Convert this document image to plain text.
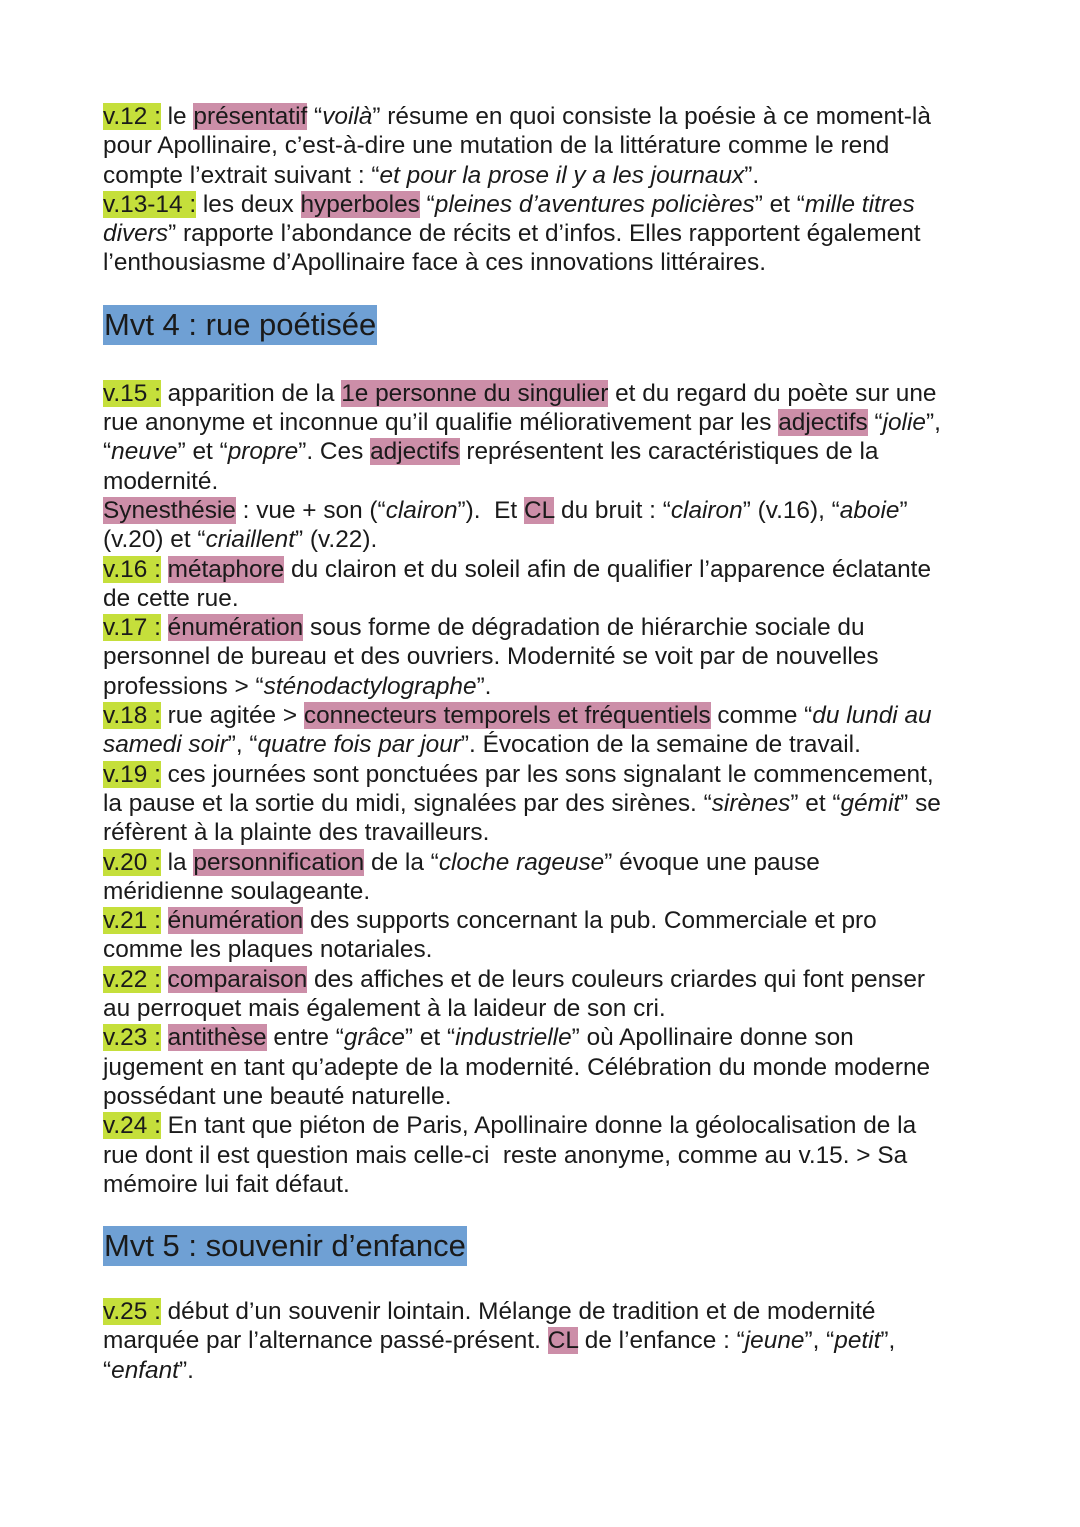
v.12 : le présentatif “voilà” résume en quoi consiste la poésie à ce moment-là
pour Apollinaire, c’est-à-dire une mutation de la littérature comme le rend
compte l’extrait suivant : “et pour la prose il y a les journaux”.
v.13-14 : les deux hyperboles “pleines d’aventures policières” et “mille titres
divers” rapporte l’abondance de récits et d’infos. Elles rapportent également
l’enthousiasme d’Apollinaire face à ces innovations littéraires.
Mvt 4 : rue poétisée
v.15 : apparition de la 1e personne du singulier et du regard du poète sur une
rue anonyme et inconnue qu’il qualifie méliorativement par les adjectifs “jolie”,
“neuve” et “propre”. Ces adjectifs représentent les caractéristiques de la
modernité.
Synesthésie : vue + son (“clairon”).  Et CL du bruit : “clairon” (v.16), “aboie”
(v.20) et “criaillent” (v.22).
v.16 : métaphore du clairon et du soleil afin de qualifier l’apparence éclatante
de cette rue.
v.17 : énumération sous forme de dégradation de hiérarchie sociale du
personnel de bureau et des ouvriers. Modernité se voit par de nouvelles
professions > “sténodactylographe”.
v.18 : rue agitée > connecteurs temporels et fréquentiels comme “du lundi au
samedi soir”, “quatre fois par jour”. Évocation de la semaine de travail.
v.19 : ces journées sont ponctuées par les sons signalant le commencement,
la pause et la sortie du midi, signalées par des sirènes. “sirènes” et “gémit” se
réfèrent à la plainte des travailleurs.
v.20 : la personnification de la “cloche rageuse” évoque une pause
méridienne soulageante.
v.21 : énumération des supports concernant la pub. Commerciale et pro
comme les plaques notariales.
v.22 : comparaison des affiches et de leurs couleurs criardes qui font penser
au perroquet mais également à la laideur de son cri.
v.23 : antithèse entre “grâce” et “industrielle” où Apollinaire donne son
jugement en tant qu’adepte de la modernité. Célébration du monde moderne
possédant une beauté naturelle.
v.24 : En tant que piéton de Paris, Apollinaire donne la géolocalisation de la
rue dont il est question mais celle-ci  reste anonyme, comme au v.15. > Sa
mémoire lui fait défaut.
Mvt 5 : souvenir d’enfance
v.25 : début d’un souvenir lointain. Mélange de tradition et de modernité
marquée par l’alternance passé-présent. CL de l’enfance : “jeune”, “petit”,
“enfant”.
